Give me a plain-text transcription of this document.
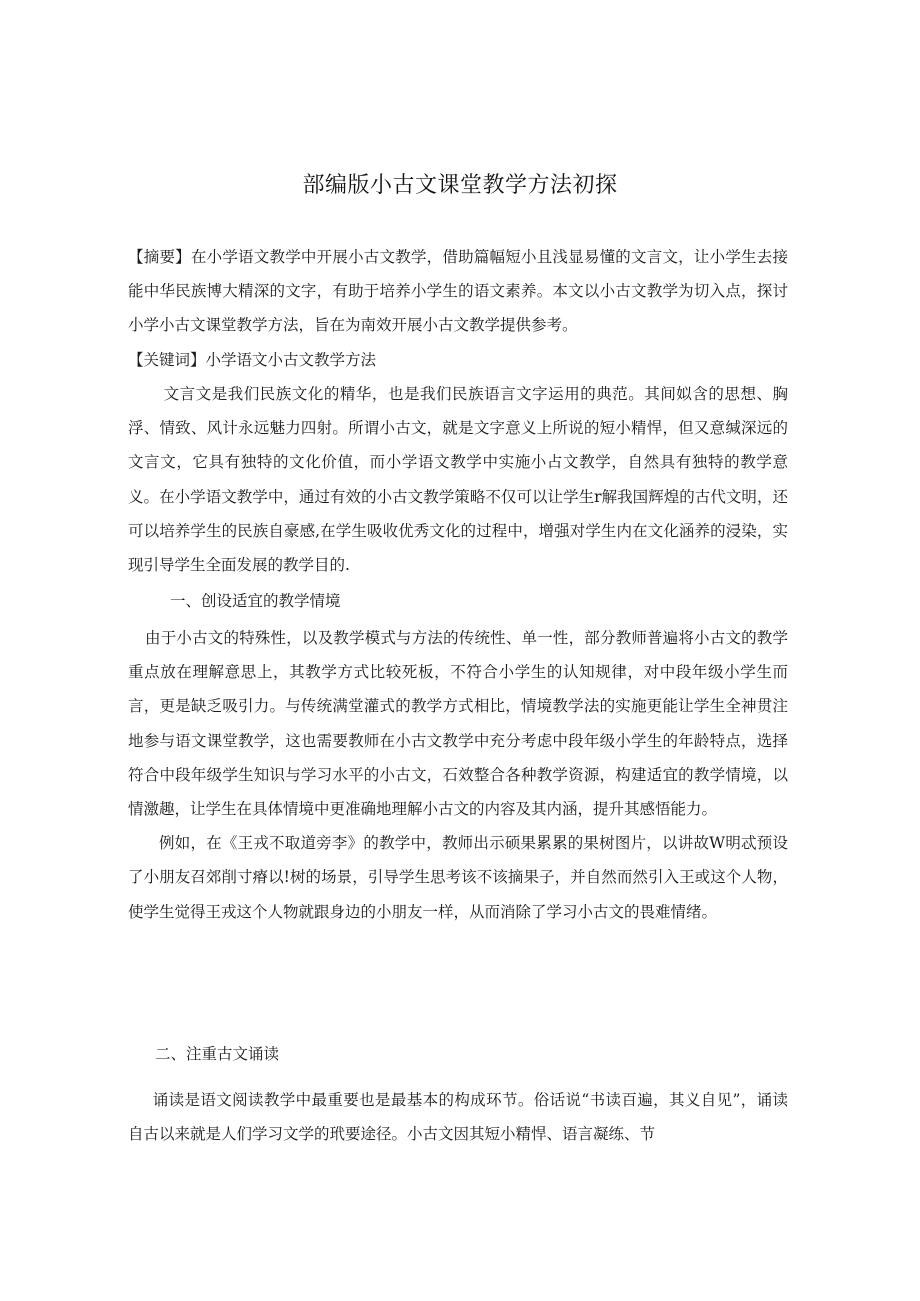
部编版小古文课堂教学方法初探

【摘要】在小学语文教学中开展小古文教学，借助篇幅短小且浅显易懂的文言文，让小学生去接能中华民族博大精深的文字，有助于培养小学生的语文素养。本文以小古文教学为切入点，探讨小学小古文课堂教学方法，旨在为南效开展小古文教学提供参考。

【关键词】小学语文小古文教学方法

文言文是我们民族文化的精华，也是我们民族语言文字运用的典范。其间姒含的思想、胸浮、情致、风计永远魅力四射。所谓小古文，就是文字意义上所说的短小精悍，但又意缄深远的文言文，它具有独特的文化价值，而小学语文教学中实施小占文教学，自然具有独特的教学意义。在小学语文教学中，通过有效的小古文教学策略不仅可以让学生r解我国辉煌的古代文明，还可以培养学生的民族自豪感,在学生吸收优秀文化的过程中，增强对学生内在文化涵养的浸染，实现引导学生全面发展的教学目的.

一、创设适宜的教学情境

由于小古文的特殊性，以及教学模式与方法的传统性、单一性，部分教师普遍将小古文的教学重点放在理解意思上，其教学方式比较死板，不符合小学生的认知规律，对中段年级小学生而言，更是缺乏吸引力。与传统满堂灌式的教学方式相比，情境教学法的实施更能让学生全神贯注地参与语文课堂教学，这也需要教师在小古文教学中充分考虑中段年级小学生的年龄特点，选择符合中段年级学生知识与学习水平的小古文，石效整合各种教学资源，构建适宜的教学情境，以情激趣，让学生在具体情境中更准确地理解小古文的内容及其内涵，提升其感悟能力。

例如，在《王戎不取道旁李》的教学中，教师出示硕果累累的果树图片，以讲故W明忒预设了小朋友召郊削寸瘠以!树的场景，引导学生思考该不该摘果子，并自然而然引入王或这个人物，使学生觉得王戎这个人物就跟身边的小朋友一样，从而消除了学习小古文的畏难情绪。

二、注重古文诵读

诵读是语文阅读教学中最重要也是最基本的构成环节。俗话说“书读百遍，其义自见”，诵读自古以来就是人们学习文学的玳要途径。小古文因其短小精悍、语言凝练、节
